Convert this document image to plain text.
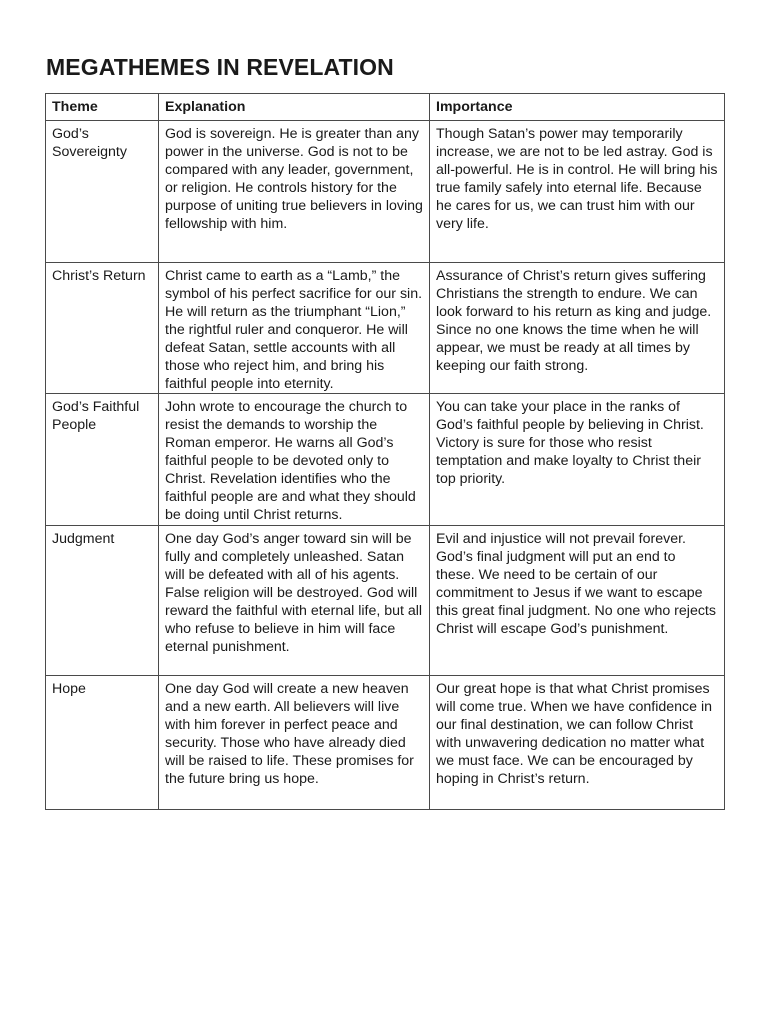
MEGATHEMES IN REVELATION
Theme	Explanation	Importance
God’s Sovereignty	God is sovereign. He is greater than any power in the universe. God is not to be compared with any leader, government, or religion. He controls history for the purpose of uniting true believers in loving fellowship with him.	Though Satan’s power may temporarily increase, we are not to be led astray. God is all-powerful. He is in control. He will bring his true family safely into eternal life. Because he cares for us, we can trust him with our very life.
Christ’s Return	Christ came to earth as a “Lamb,” the symbol of his perfect sacrifice for our sin. He will return as the triumphant “Lion,” the rightful ruler and conqueror. He will defeat Satan, settle accounts with all those who reject him, and bring his faithful people into eternity.	Assurance of Christ’s return gives suffering Christians the strength to endure. We can look forward to his return as king and judge. Since no one knows the time when he will appear, we must be ready at all times by keeping our faith strong.
God’s Faithful People	John wrote to encourage the church to resist the demands to worship the Roman emperor. He warns all God’s faithful people to be devoted only to Christ. Revelation identifies who the faithful people are and what they should be doing until Christ returns.	You can take your place in the ranks of God’s faithful people by believing in Christ. Victory is sure for those who resist temptation and make loyalty to Christ their top priority.
Judgment	One day God’s anger toward sin will be fully and completely unleashed. Satan will be defeated with all of his agents. False religion will be destroyed. God will reward the faithful with eternal life, but all who refuse to believe in him will face eternal punishment.	Evil and injustice will not prevail forever. God’s final judgment will put an end to these. We need to be certain of our commitment to Jesus if we want to escape this great final judgment. No one who rejects Christ will escape God’s punishment.
Hope	One day God will create a new heaven and a new earth. All believers will live with him forever in perfect peace and security. Those who have already died will be raised to life. These promises for the future bring us hope.	Our great hope is that what Christ promises will come true. When we have confidence in our final destination, we can follow Christ with unwavering dedication no matter what we must face. We can be encouraged by hoping in Christ’s return.
